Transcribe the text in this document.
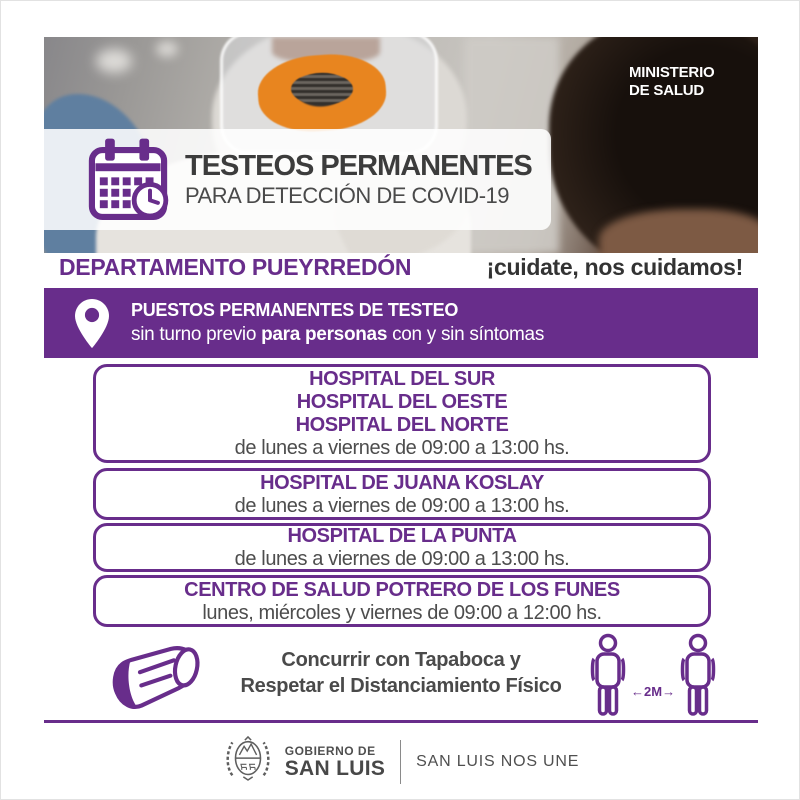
MINISTERIO
DE SALUD
TESTEOS PERMANENTES
PARA DETECCIÓN DE COVID-19
DEPARTAMENTO PUEYRREDÓN	¡cuidate, nos cuidamos!
PUESTOS PERMANENTES DE TESTEO
sin turno previo para personas con y sin síntomas
HOSPITAL DEL SUR
HOSPITAL DEL OESTE
HOSPITAL DEL NORTE
de lunes a viernes de 09:00 a 13:00 hs.
HOSPITAL DE JUANA KOSLAY
de lunes a viernes de 09:00 a 13:00 hs.
HOSPITAL DE LA PUNTA
de lunes a viernes de 09:00 a 13:00 hs.
CENTRO DE SALUD POTRERO DE LOS FUNES
lunes, miércoles y viernes de 09:00 a 12:00 hs.
Concurrir con Tapaboca y
Respetar el Distanciamiento Físico	←2M→
GOBIERNO DE
SAN LUIS SAN LUIS NOS UNE
